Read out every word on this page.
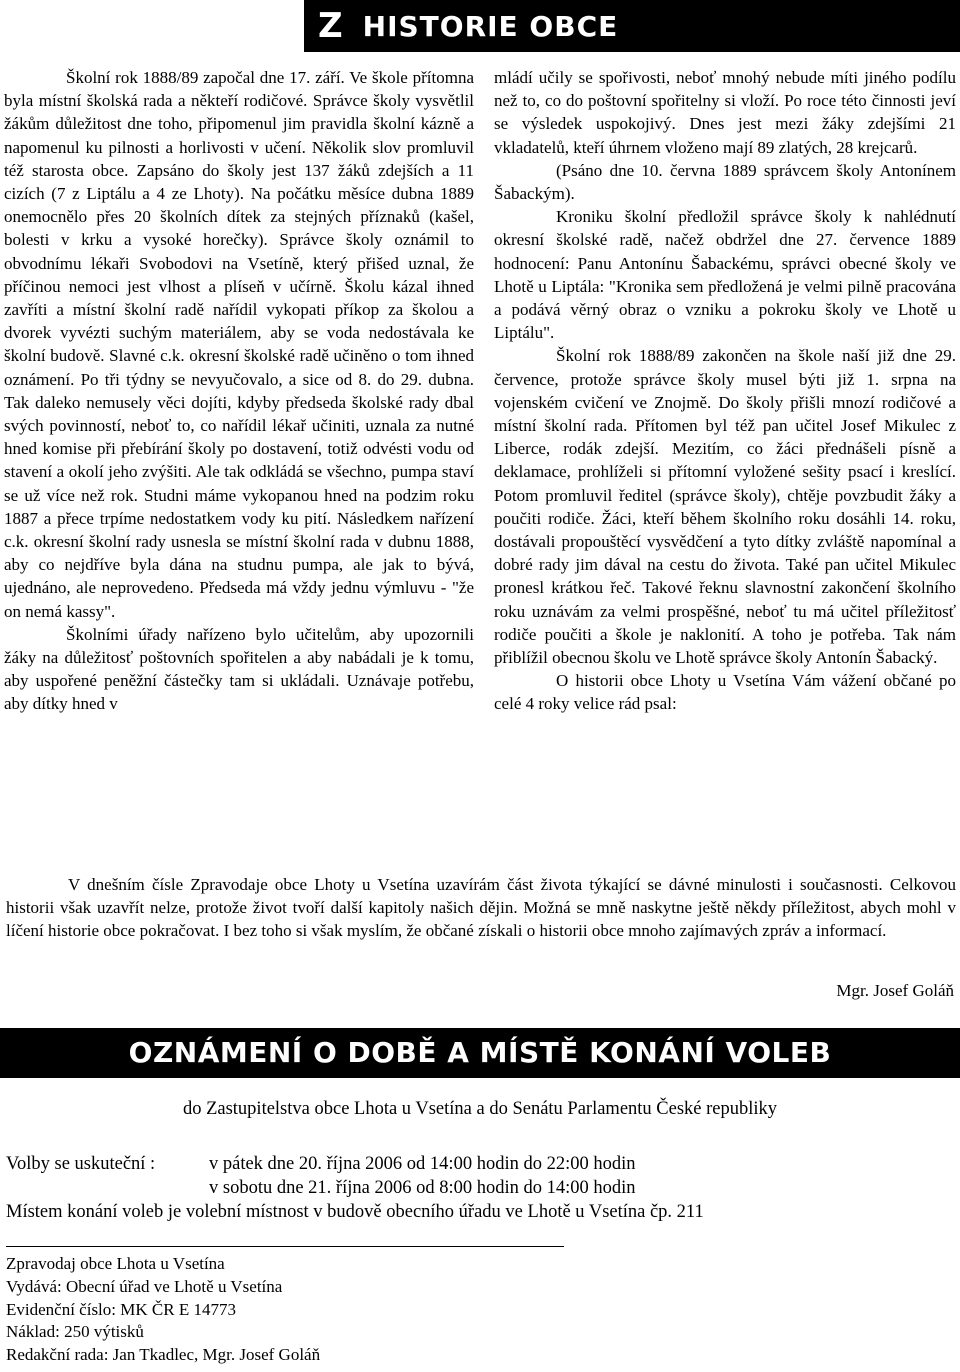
Z HISTORIE OBCE

Školní rok 1888/89 započal dne 17. září. Ve škole přítomna byla místní školská rada a někteří rodičové. Správce školy vysvětlil žákům důležitost dne toho, připomenul jim pravidla školní kázně a napomenul ku pilnosti a horlivosti v učení. Několik slov promluvil též starosta obce. Zapsáno do školy jest 137 žáků zdejších a 11 cizích (7 z Liptálu a 4 ze Lhoty). Na počátku měsíce dubna 1889 onemocnělo přes 20 školních dítek za stejných příznaků (kašel, bolesti v krku a vysoké horečky). Správce školy oznámil to obvodnímu lékaři Svobodovi na Vsetíně, který přišed uznal, že příčinou nemoci jest vlhost a plíseň v učírně. Školu kázal ihned zavříti a místní školní radě nařídil vykopati příkop za školou a dvorek vyvézti suchým materiálem, aby se voda nedostávala ke školní budově. Slavné c.k. okresní školské radě učiněno o tom ihned oznámení. Po tři týdny se nevyučovalo, a sice od 8. do 29. dubna. Tak daleko nemusely věci dojíti, kdyby předseda školské rady dbal svých povinností, neboť to, co nařídil lékař učiniti, uznala za nutné hned komise při přebírání školy po dostavení, totiž odvésti vodu od stavení a okolí jeho zvýšiti. Ale tak odkládá se všechno, pumpa staví se už více než rok. Studni máme vykopanou hned na podzim roku 1887 a přece trpíme nedostatkem vody ku pití. Následkem nařízení c.k. okresní školní rady usnesla se místní školní rada v dubnu 1888, aby co nejdříve byla dána na studnu pumpa, ale jak to bývá, ujednáno, ale neprovedeno. Předseda má vždy jednu výmluvu - "že on nemá kassy".

Školními úřady nařízeno bylo učitelům, aby upozornili žáky na důležitosť poštovních spořitelen a aby nabádali je k tomu, aby uspořené peněžní částečky tam si ukládali. Uznávaje potřebu, aby dítky hned v

mládí učily se spořivosti, neboť mnohý nebude míti jiného podílu než to, co do poštovní spořitelny si vloží. Po roce této činnosti jeví se výsledek uspokojivý. Dnes jest mezi žáky zdejšími 21 vkladatelů, kteří úhrnem vloženo mají 89 zlatých, 28 krejcarů.

(Psáno dne 10. června 1889 správcem školy Antonínem Šabackým).

Kroniku školní předložil správce školy k nahlédnutí okresní školské radě, načež obdržel dne 27. července 1889 hodnocení: Panu Antonínu Šabackému, správci obecné školy ve Lhotě u Liptála: "Kronika sem předložená je velmi pilně pracována a podává věrný obraz o vzniku a pokroku školy ve Lhotě u Liptálu".

Školní rok 1888/89 zakončen na škole naší již dne 29. července, protože správce školy musel býti již 1. srpna na vojenském cvičení ve Znojmě. Do školy přišli mnozí rodičové a místní školní rada. Přítomen byl též pan učitel Josef Mikulec z Liberce, rodák zdejší. Mezitím, co žáci přednášeli písně a deklamace, prohlíželi si přítomní vyložené sešity psací i kreslící. Potom promluvil ředitel (správce školy), chtěje povzbudit žáky a poučiti rodiče. Žáci, kteří během školního roku dosáhli 14. roku, dostávali propouštěcí vysvědčení a tyto dítky zvláště napomínal a dobré rady jim dával na cestu do života. Také pan učitel Mikulec pronesl krátkou řeč. Takové řeknu slavnostní zakončení školního roku uznávám za velmi prospěšné, neboť tu má učitel příležitosť rodiče poučiti a škole je naklonití. A toho je potřeba. Tak nám přiblížil obecnou školu ve Lhotě správce školy Antonín Šabacký.

O historii obce Lhoty u Vsetína Vám vážení občané po celé 4 roky velice rád psal:

V dnešním čísle Zpravodaje obce Lhoty u Vsetína uzavírám část života týkající se dávné minulosti i současnosti. Celkovou historii však uzavřít nelze, protože život tvoří další kapitoly našich dějin. Možná se mně naskytne ještě někdy příležitost, abych mohl v líčení historie obce pokračovat. I bez toho si však myslím, že občané získali o historii obce mnoho zajímavých zpráv a informací.

Mgr. Josef Goláň
OZNÁMENÍ O DOBĚ A MÍSTĚ KONÁNÍ VOLEB
do Zastupitelstva obce Lhota u Vsetína a do Senátu Parlamentu České republiky
Volby se uskuteční :	v pátek dne 20. října 2006 od 14:00 hodin do 22:00 hodin
v sobotu dne 21. října 2006 od 8:00 hodin do 14:00 hodin
Místem konání voleb je volební místnost v budově obecního úřadu ve Lhotě u Vsetína čp. 211
Zpravodaj obce Lhota u Vsetína
Vydává: Obecní úřad ve Lhotě u Vsetína
Evidenční číslo: MK ČR E 14773
Náklad: 250 výtisků
Redakční rada: Jan Tkadlec, Mgr. Josef Goláň
